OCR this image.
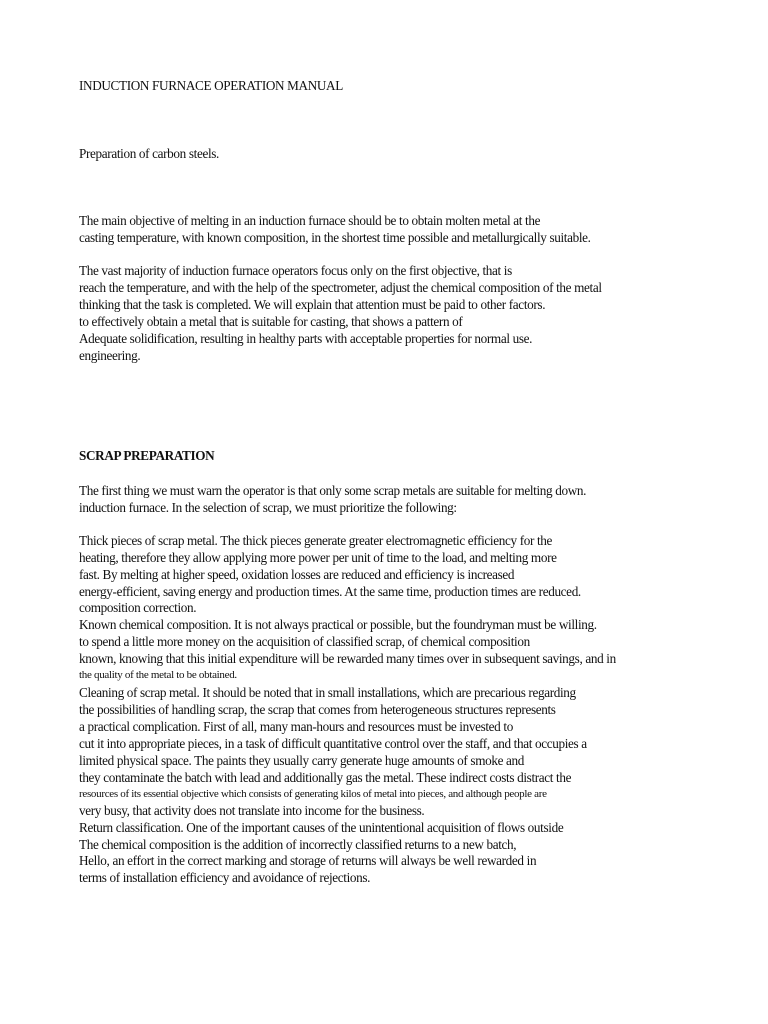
INDUCTION FURNACE OPERATION MANUAL
Preparation of carbon steels.
The main objective of melting in an induction furnace should be to obtain molten metal at the
casting temperature, with known composition, in the shortest time possible and metallurgically suitable.
The vast majority of induction furnace operators focus only on the first objective, that is
reach the temperature, and with the help of the spectrometer, adjust the chemical composition of the metal
thinking that the task is completed. We will explain that attention must be paid to other factors.
to effectively obtain a metal that is suitable for casting, that shows a pattern of
Adequate solidification, resulting in healthy parts with acceptable properties for normal use.
engineering.
SCRAP PREPARATION
The first thing we must warn the operator is that only some scrap metals are suitable for melting down.
induction furnace. In the selection of scrap, we must prioritize the following:
Thick pieces of scrap metal. The thick pieces generate greater electromagnetic efficiency for the
heating, therefore they allow applying more power per unit of time to the load, and melting more
fast. By melting at higher speed, oxidation losses are reduced and efficiency is increased
energy-efficient, saving energy and production times. At the same time, production times are reduced.
composition correction.
Known chemical composition. It is not always practical or possible, but the foundryman must be willing.
to spend a little more money on the acquisition of classified scrap, of chemical composition
known, knowing that this initial expenditure will be rewarded many times over in subsequent savings, and in
the quality of the metal to be obtained.
Cleaning of scrap metal. It should be noted that in small installations, which are precarious regarding
the possibilities of handling scrap, the scrap that comes from heterogeneous structures represents
a practical complication. First of all, many man-hours and resources must be invested to
cut it into appropriate pieces, in a task of difficult quantitative control over the staff, and that occupies a
limited physical space. The paints they usually carry generate huge amounts of smoke and
they contaminate the batch with lead and additionally gas the metal. These indirect costs distract the
resources of its essential objective which consists of generating kilos of metal into pieces, and although people are
very busy, that activity does not translate into income for the business.
Return classification. One of the important causes of the unintentional acquisition of flows outside
The chemical composition is the addition of incorrectly classified returns to a new batch,
Hello, an effort in the correct marking and storage of returns will always be well rewarded in
terms of installation efficiency and avoidance of rejections.
